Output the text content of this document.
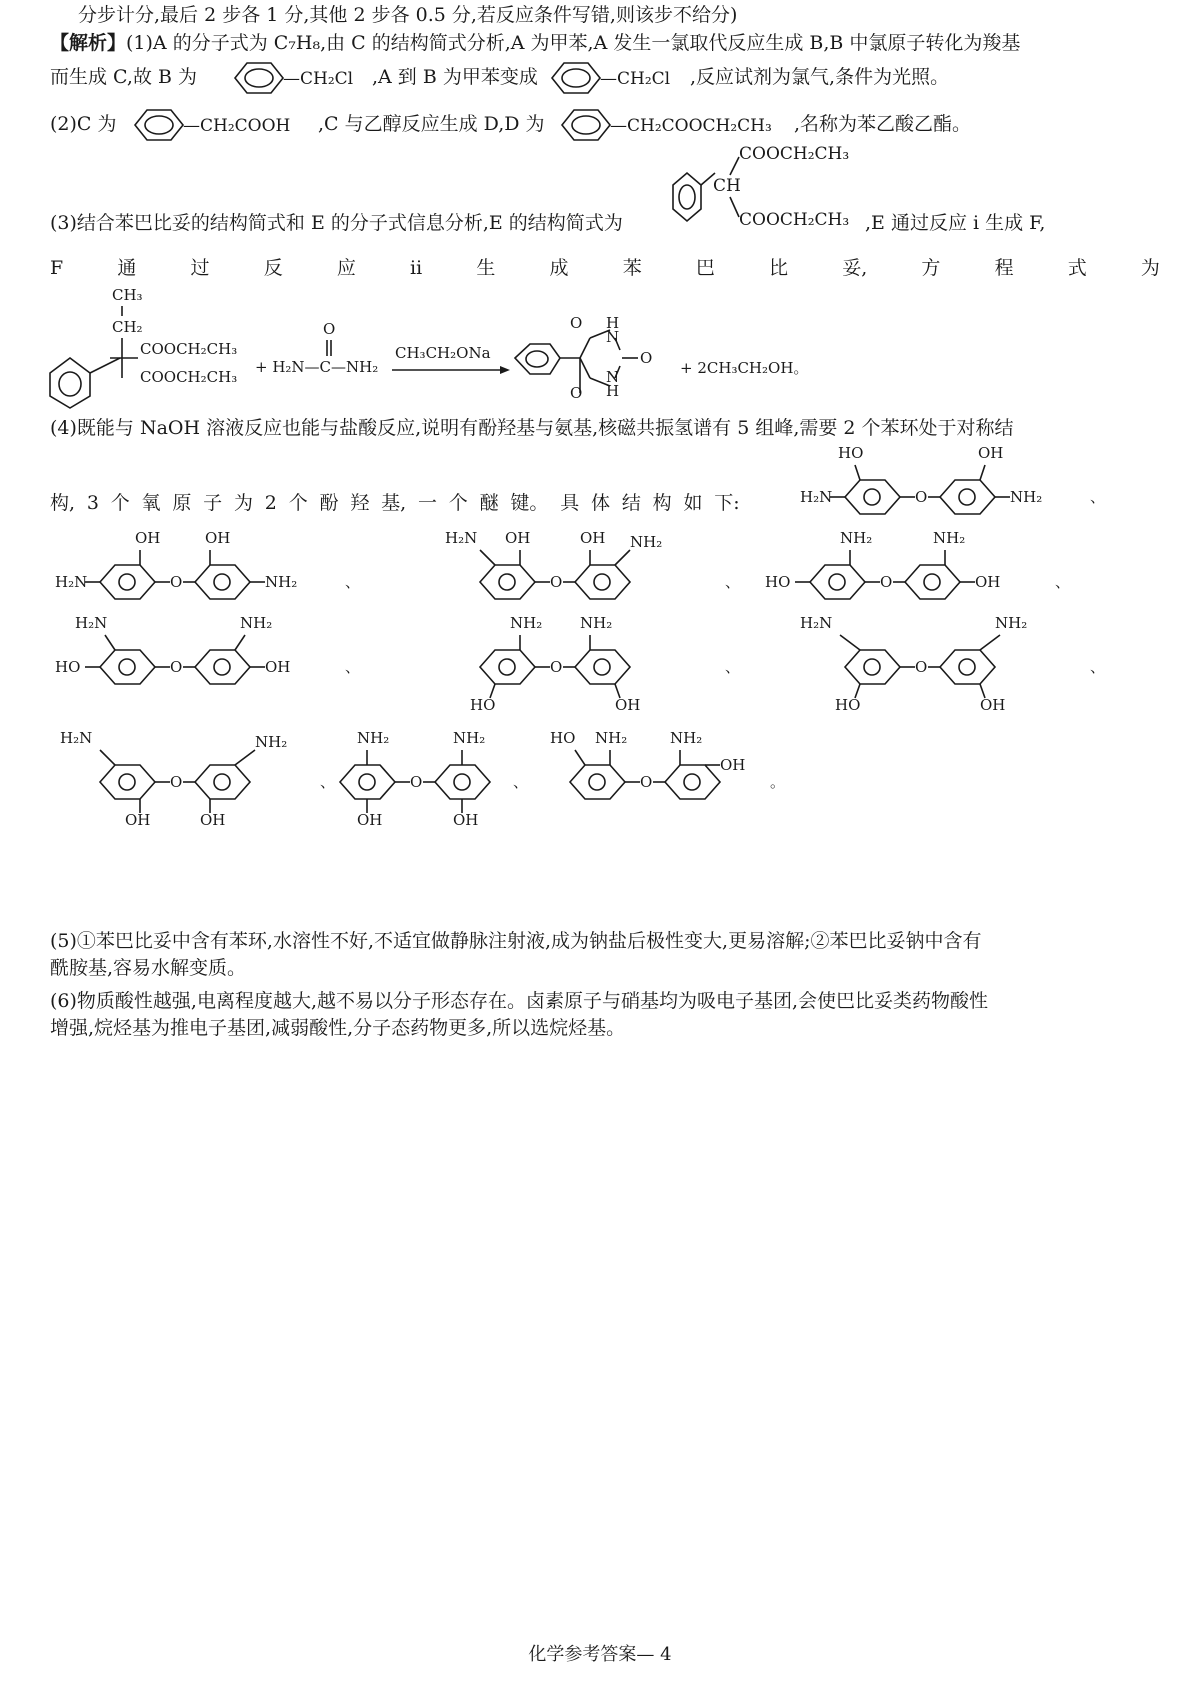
分步计分,最后 2 步各 1 分,其他 2 步各 0.5 分,若反应条件写错,则该步不给分)
【解析】(1)A 的分子式为 C₇H₈,由 C 的结构简式分析,A 为甲苯,A 发生一氯取代反应生成 B,B 中氯原子转化为羧基
而生成 C,故 B 为	—CH₂Cl ,A 到 B 为甲苯变成	—CH₂Cl ,反应试剂为氯气,条件为光照。
(2)C 为	—CH₂COOH ,C 与乙醇反应生成 D,D 为	—CH₂COOCH₂CH₃ ,名称为苯乙酸乙酯。
(3)结合苯巴比妥的结构简式和 E 的分子式信息分析,E 的结构简式为
CH
COOCH₂CH₃
COOCH₂CH₃ ,E 通过反应 ⅰ 生成 F,
F	通	过	反	应	ⅱ	生	成	苯	巴	比	妥,	方	程	式	为
CH₃
CH₂
COOCH₂CH₃
COOCH₂CH₃
+ H₂N—C—NH₂
O
CH₃CH₂ONa
O
O
H
N
N
H
O
+ 2CH₃CH₂OH。
(4)既能与 NaOH 溶液反应也能与盐酸反应,说明有酚羟基与氨基,核磁共振氢谱有 5 组峰,需要 2 个苯环处于对称结
构, 3 个 氧 原 子 为 2 个 酚 羟 基, 一 个 醚 键。 具 体 结 构 如 下:	H₂N
HO
O
OH
NH₂	、
H₂N
OH
O
OH
NH₂	、
H₂N OH
O
OH NH₂
、 HO
NH₂
O
NH₂
OH	、
H₂N
HO	O
NH₂
OH	、
NH₂
HO
O
NH₂
OH
、
H₂N
HO
O
NH₂
OH
、
H₂N
OH
O
NH₂
OH
、
NH₂
OH
O
NH₂
OH
、
HO NH₂
O
NH₂
OH
。
(5)①苯巴比妥中含有苯环,水溶性不好,不适宜做静脉注射液,成为钠盐后极性变大,更易溶解;②苯巴比妥钠中含有
酰胺基,容易水解变质。
(6)物质酸性越强,电离程度越大,越不易以分子形态存在。卤素原子与硝基均为吸电子基团,会使巴比妥类药物酸性
增强,烷烃基为推电子基团,减弱酸性,分子态药物更多,所以选烷烃基。
化学参考答案— 4
